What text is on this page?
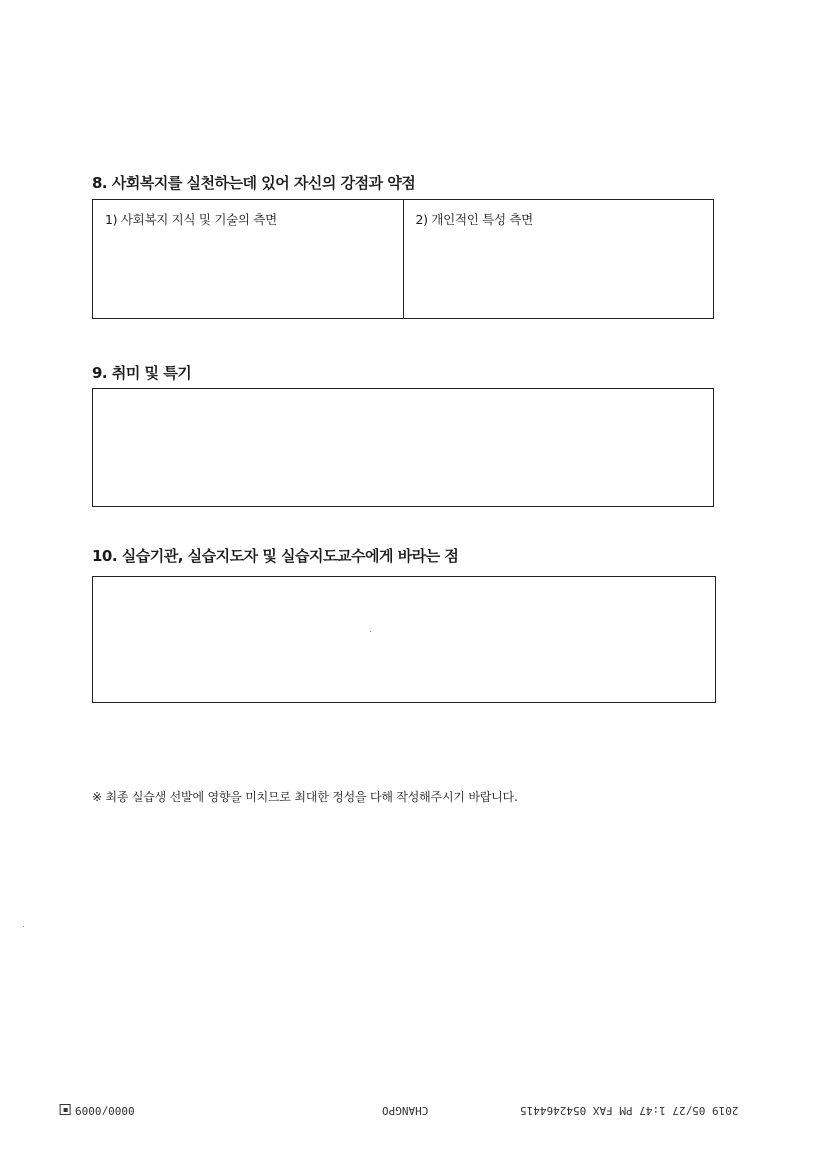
8. 사회복지를 실천하는데 있어 자신의 강점과 약점
1) 사회복지 지식 및 기술의 측면	2) 개인적인 특성 측면
9. 취미 및 특기
10. 실습기관, 실습지도자 및 실습지도교수에게 바라는 점
※ 최종 실습생 선발에 영향을 미치므로 최대한 정성을 다해 작성해주시기 바랍니다.
0000/0009	CHANGPO	2019 05/27 1:47 PM FAX 0542464415
